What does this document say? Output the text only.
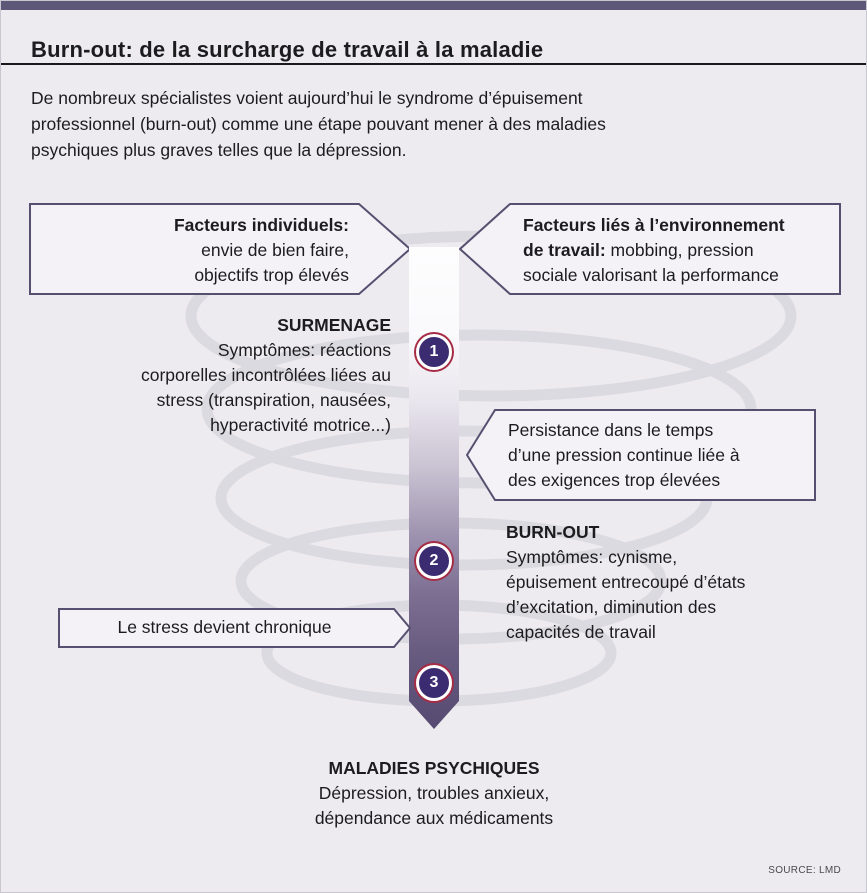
Burn-out: de la surcharge de travail à la maladie
De nombreux spécialistes voient aujourd’hui le syndrome d’épuisement
professionnel (burn-out) comme une étape pouvant mener à des maladies
psychiques plus graves telles que la dépression.
Facteurs individuels:
envie de bien faire,
objectifs trop élevés
Facteurs liés à l’environnement
de travail: mobbing, pression
sociale valorisant la performance
SURMENAGE
Symptômes: réactions
corporelles incontrôlées liées au
stress (transpiration, nausées,
hyperactivité motrice...)	Persistance dans le temps
d’une pression continue liée à
des exigences trop élevées
BURN-OUT
Symptômes: cynisme,
épuisement entrecoupé d’états
d’excitation, diminution des
capacités de travail
Le stress devient chronique
1
2
3
MALADIES PSYCHIQUES
Dépression, troubles anxieux,
dépendance aux médicaments
SOURCE: LMD
